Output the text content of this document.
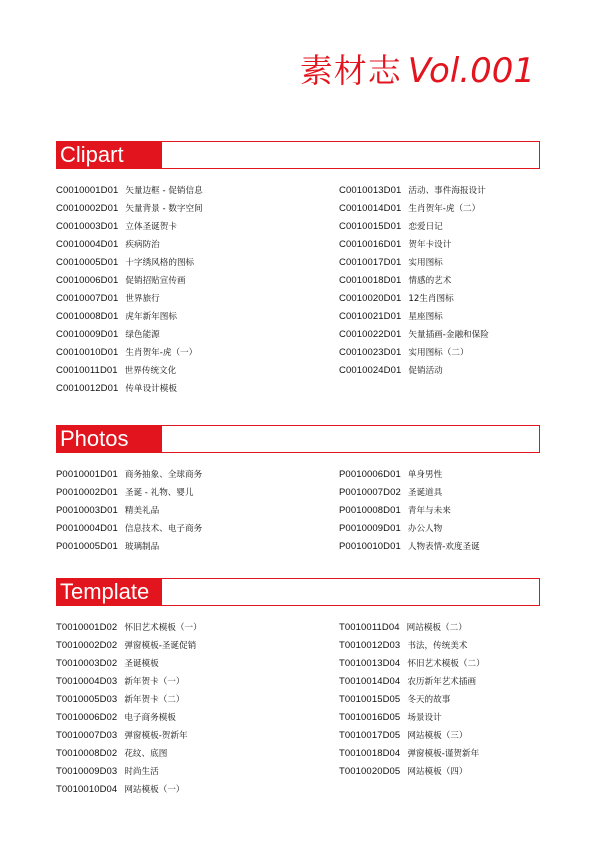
素材志 Vol.001
Clipart
C0010001D01 矢量边框 - 促销信息
C0010002D01 矢量背景 - 数字空间
C0010003D01 立体圣诞贺卡
C0010004D01 疾病防治
C0010005D01 十字绣风格的图标
C0010006D01 促销招贴宣传画
C0010007D01 世界旅行
C0010008D01 虎年新年图标
C0010009D01 绿色能源
C0010010D01 生肖贺年-虎（一）
C0010011D01 世界传统文化
C0010012D01 传单设计模板
C0010013D01 活动、事件海报设计
C0010014D01 生肖贺年-虎（二）
C0010015D01 恋爱日记
C0010016D01 贺年卡设计
C0010017D01 实用图标
C0010018D01 情感的艺术
C0010020D01 12生肖图标
C0010021D01 星座图标
C0010022D01 矢量插画-金融和保险
C0010023D01 实用图标（二）
C0010024D01 促销活动
Photos
P0010001D01 商务抽象、全球商务
P0010002D01 圣诞 - 礼物、婴儿
P0010003D01 精美礼品
P0010004D01 信息技术、电子商务
P0010005D01 玻璃制品
P0010006D01 单身男性
P0010007D02 圣诞道具
P0010008D01 青年与未来
P0010009D01 办公人物
P0010010D01 人物表情-欢度圣诞
Template
T0010001D02 怀旧艺术模板（一）
T0010002D02 弹窗模板-圣诞促销
T0010003D02 圣诞模板
T0010004D03 新年贺卡（一）
T0010005D03 新年贺卡（二）
T0010006D02 电子商务模板
T0010007D03 弹窗模板-贺新年
T0010008D02 花纹、底图
T0010009D03 时尚生活
T0010010D04 网站模板（一）
T0010011D04 网站模板（二）
T0010012D03 书法，传统美术
T0010013D04 怀旧艺术模板（二）
T0010014D04 农历新年艺术插画
T0010015D05 冬天的故事
T0010016D05 场景设计
T0010017D05 网站模板（三）
T0010018D04 弹窗模板-谨贺新年
T0010020D05 网站模板（四）
